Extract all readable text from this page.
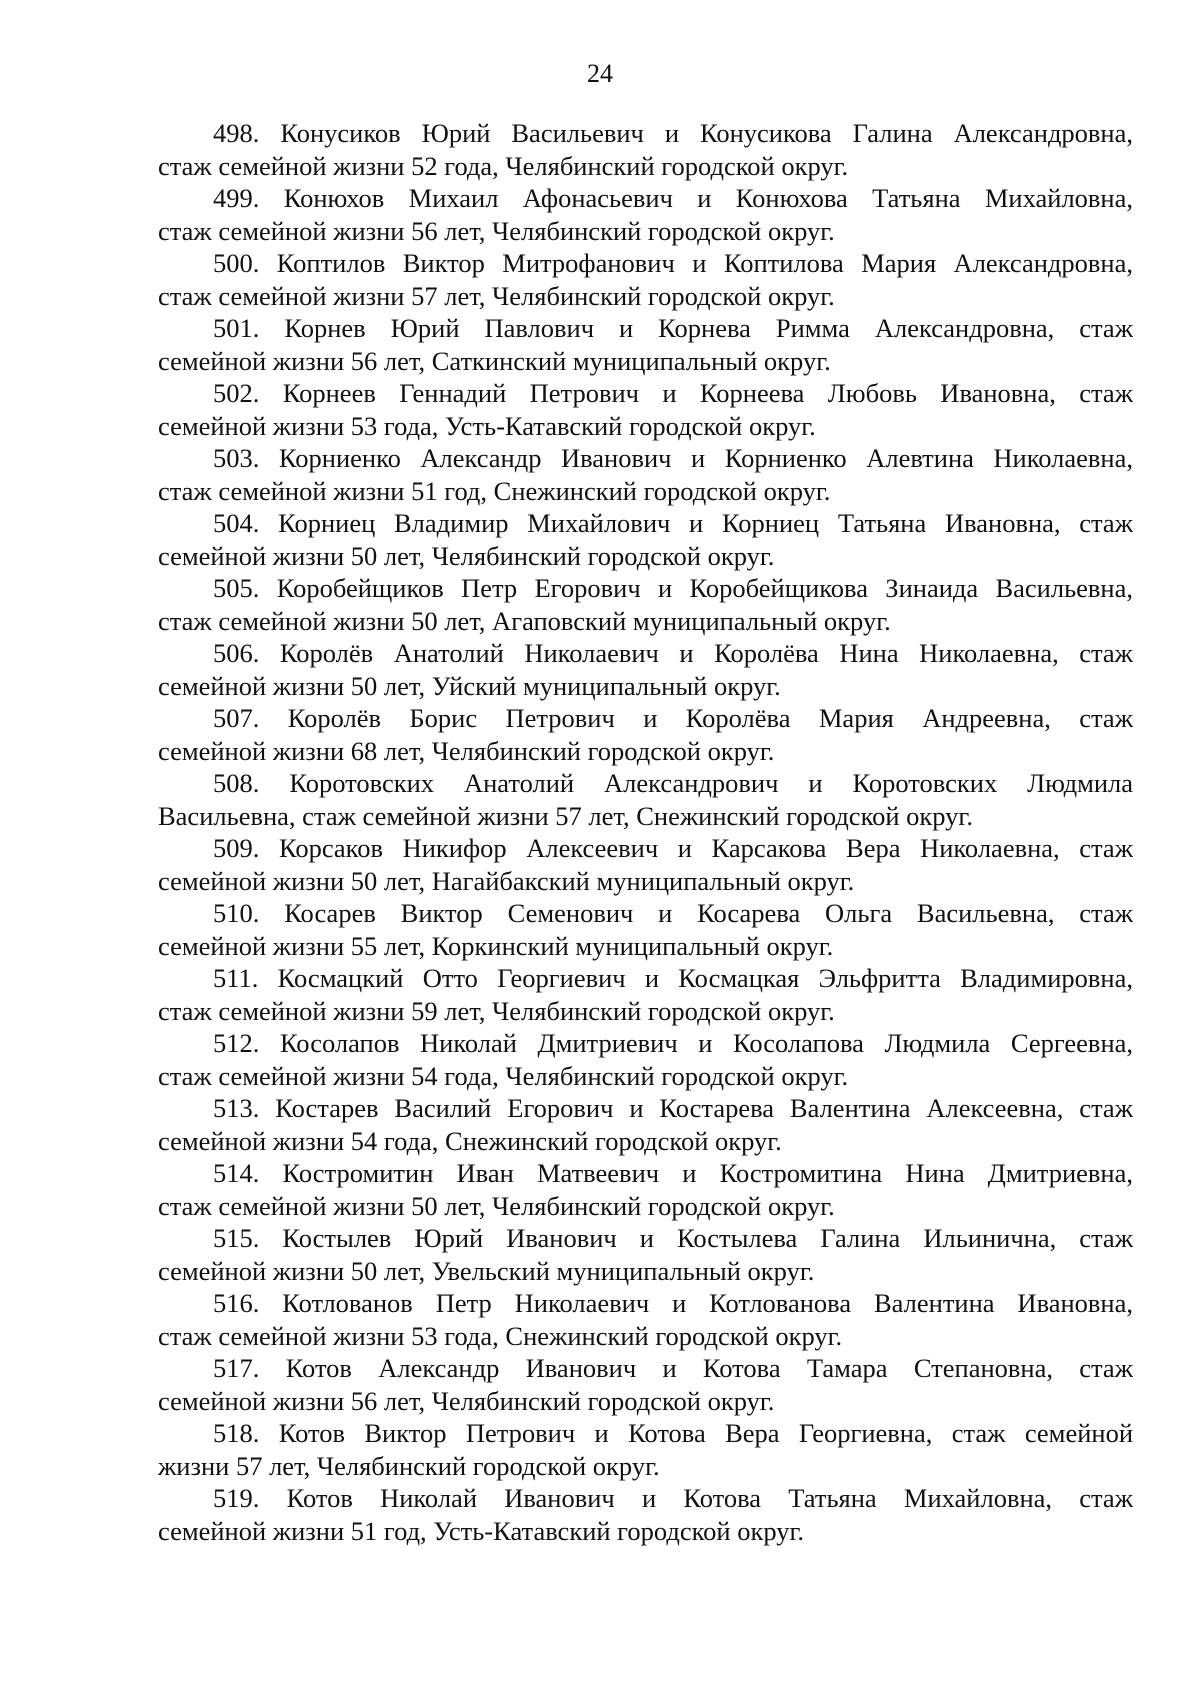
24

498. Конусиков Юрий Васильевич и Конусикова Галина Александровна,
стаж семейной жизни 52 года, Челябинский городской округ.

499. Конюхов Михаил Афонасьевич и Конюхова Татьяна Михайловна,
стаж семейной жизни 56 лет, Челябинский городской округ.

500. Коптилов Виктор Митрофанович и Коптилова Мария Александровна,
стаж семейной жизни 57 лет, Челябинский городской округ.

501. Корнев Юрий Павлович и Корнева Римма Александровна, стаж
семейной жизни 56 лет, Саткинский муниципальный округ.

502. Корнеев Геннадий Петрович и Корнеева Любовь Ивановна, стаж
семейной жизни 53 года, Усть-Катавский городской округ.

503. Корниенко Александр Иванович и Корниенко Алевтина Николаевна,
стаж семейной жизни 51 год, Снежинский городской округ.

504. Корниец Владимир Михайлович и Корниец Татьяна Ивановна, стаж
семейной жизни 50 лет, Челябинский городской округ.

505. Коробейщиков Петр Егорович и Коробейщикова Зинаида Васильевна,
стаж семейной жизни 50 лет, Агаповский муниципальный округ.

506. Королёв Анатолий Николаевич и Королёва Нина Николаевна, стаж
семейной жизни 50 лет, Уйский муниципальный округ.

507. Королёв Борис Петрович и Королёва Мария Андреевна, стаж
семейной жизни 68 лет, Челябинский городской округ.

508. Коротовских Анатолий Александрович и Коротовских Людмила
Васильевна, стаж семейной жизни 57 лет, Снежинский городской округ.

509. Корсаков Никифор Алексеевич и Карсакова Вера Николаевна, стаж
семейной жизни 50 лет, Нагайбакский муниципальный округ.

510. Косарев Виктор Семенович и Косарева Ольга Васильевна, стаж
семейной жизни 55 лет, Коркинский муниципальный округ.

511. Космацкий Отто Георгиевич и Космацкая Эльфритта Владимировна,
стаж семейной жизни 59 лет, Челябинский городской округ.

512. Косолапов Николай Дмитриевич и Косолапова Людмила Сергеевна,
стаж семейной жизни 54 года, Челябинский городской округ.

513. Костарев Василий Егорович и Костарева Валентина Алексеевна, стаж
семейной жизни 54 года, Снежинский городской округ.

514. Костромитин Иван Матвеевич и Костромитина Нина Дмитриевна,
стаж семейной жизни 50 лет, Челябинский городской округ.

515. Костылев Юрий Иванович и Костылева Галина Ильинична, стаж
семейной жизни 50 лет, Увельский муниципальный округ.

516. Котлованов Петр Николаевич и Котлованова Валентина Ивановна,
стаж семейной жизни 53 года, Снежинский городской округ.

517. Котов Александр Иванович и Котова Тамара Степановна, стаж
семейной жизни 56 лет, Челябинский городской округ.

518. Котов Виктор Петрович и Котова Вера Георгиевна, стаж семейной
жизни 57 лет, Челябинский городской округ.

519. Котов Николай Иванович и Котова Татьяна Михайловна, стаж
семейной жизни 51 год, Усть-Катавский городской округ.
